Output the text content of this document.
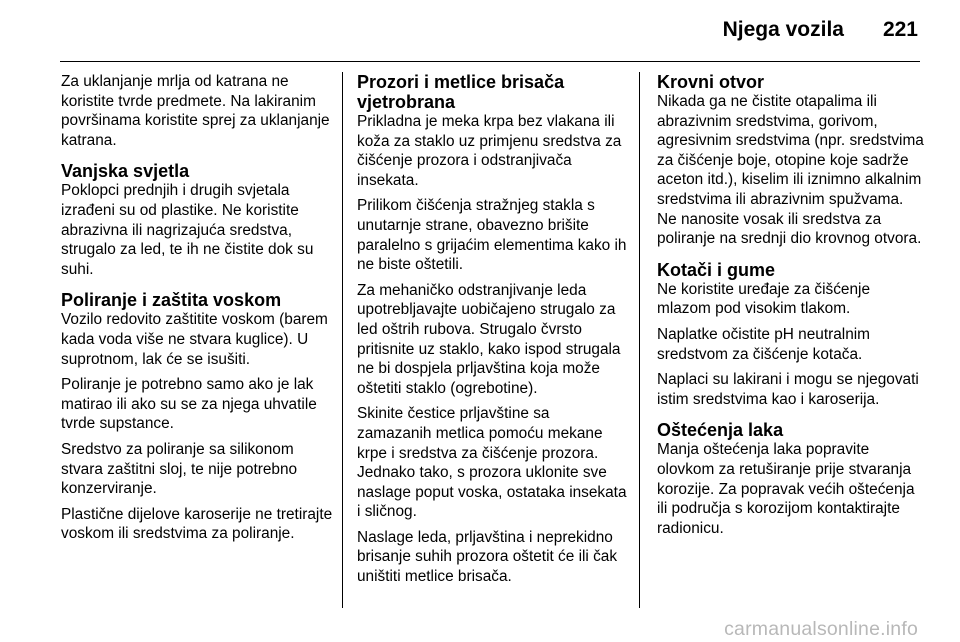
Njega vozila 221

Za uklanjanje mrlja od katrana ne koristite tvrde predmete. Na lakiranim površinama koristite sprej za uklanjanje katrana.

Vanjska svjetla

Poklopci prednjih i drugih svjetala izrađeni su od plastike. Ne koristite abrazivna ili nagrizajuća sredstva, strugalo za led, te ih ne čistite dok su suhi.

Poliranje i zaštita voskom

Vozilo redovito zaštitite voskom (barem kada voda više ne stvara kuglice). U suprotnom, lak će se isušiti.

Poliranje je potrebno samo ako je lak matirao ili ako su se za njega uhvatile tvrde supstance.

Sredstvo za poliranje sa silikonom stvara zaštitni sloj, te nije potrebno konzerviranje.

Plastične dijelove karoserije ne tretirajte voskom ili sredstvima za poliranje.

Prozori i metlice brisača vjetrobrana

Prikladna je meka krpa bez vlakana ili koža za staklo uz primjenu sredstva za čišćenje prozora i odstranjivača insekata.

Prilikom čišćenja stražnjeg stakla s unutarnje strane, obavezno brišite paralelno s grijaćim elementima kako ih ne biste oštetili.

Za mehaničko odstranjivanje leda upotrebljavajte uobičajeno strugalo za led oštrih rubova. Strugalo čvrsto pritisnite uz staklo, kako ispod strugala ne bi dospjela prljavština koja može oštetiti staklo (ogrebotine).

Skinite čestice prljavštine sa zamazanih metlica pomoću mekane krpe i sredstva za čišćenje prozora. Jednako tako, s prozora uklonite sve naslage poput voska, ostataka insekata i sličnog.

Naslage leda, prljavština i neprekidno brisanje suhih prozora oštetit će ili čak uništiti metlice brisača.

Krovni otvor

Nikada ga ne čistite otapalima ili abrazivnim sredstvima, gorivom, agresivnim sredstvima (npr. sredstvima za čišćenje boje, otopine koje sadrže aceton itd.), kiselim ili iznimno alkalnim sredstvima ili abrazivnim spužvama. Ne nanosite vosak ili sredstva za poliranje na srednji dio krovnog otvora.

Kotači i gume

Ne koristite uređaje za čišćenje mlazom pod visokim tlakom.

Naplatke očistite pH neutralnim sredstvom za čišćenje kotača.

Naplaci su lakirani i mogu se njegovati istim sredstvima kao i karoserija.

Oštećenja laka

Manja oštećenja laka popravite olovkom za retuširanje prije stvaranja korozije. Za popravak većih oštećenja ili područja s korozijom kontaktirajte radionicu.

carmanualsonline.info
